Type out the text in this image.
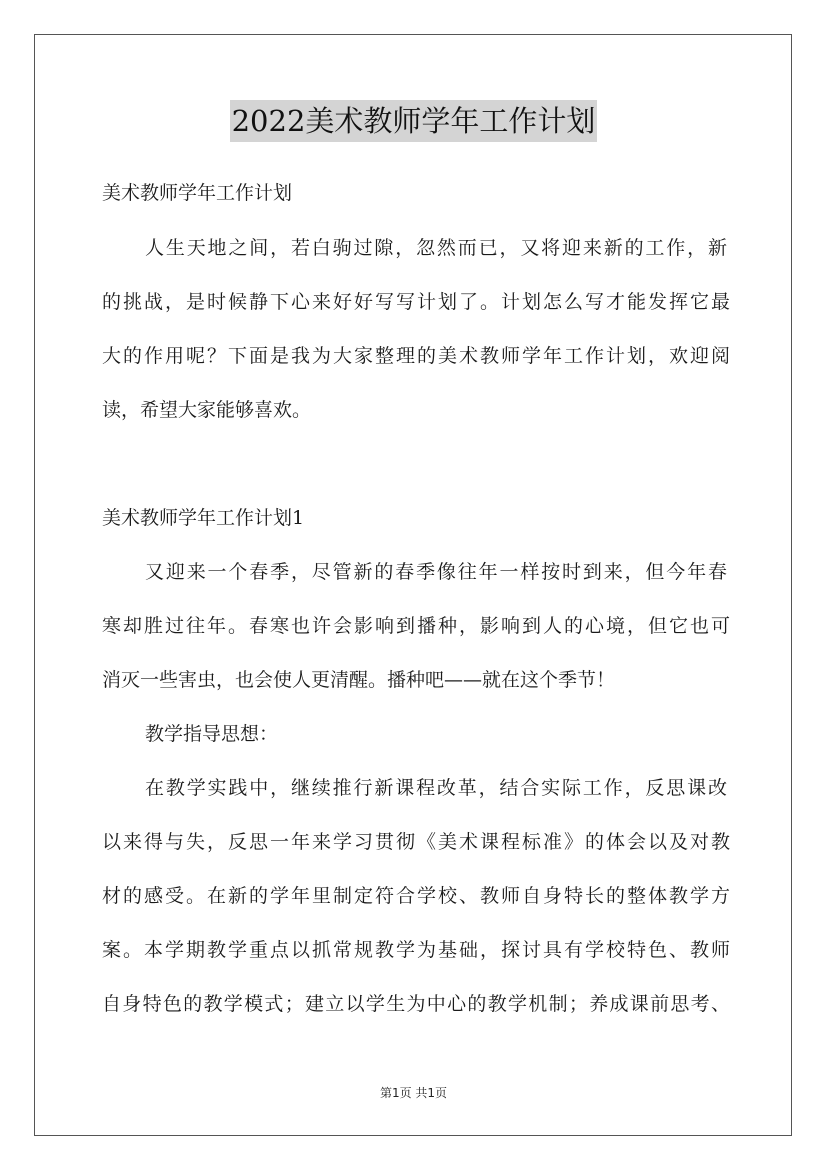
2022美术教师学年工作计划
美术教师学年工作计划
人生天地之间，若白驹过隙，忽然而已，又将迎来新的工作，新
的挑战，是时候静下心来好好写写计划了。计划怎么写才能发挥它最
大的作用呢？下面是我为大家整理的美术教师学年工作计划，欢迎阅
读，希望大家能够喜欢。
美术教师学年工作计划1
又迎来一个春季，尽管新的春季像往年一样按时到来，但今年春
寒却胜过往年。春寒也许会影响到播种，影响到人的心境，但它也可
消灭一些害虫，也会使人更清醒。播种吧——就在这个季节！
教学指导思想：
在教学实践中，继续推行新课程改革，结合实际工作，反思课改
以来得与失，反思一年来学习贯彻《美术课程标准》的体会以及对教
材的感受。在新的学年里制定符合学校、教师自身特长的整体教学方
案。本学期教学重点以抓常规教学为基础，探讨具有学校特色、教师
自身特色的教学模式；建立以学生为中心的教学机制；养成课前思考、
第1页 共1页
